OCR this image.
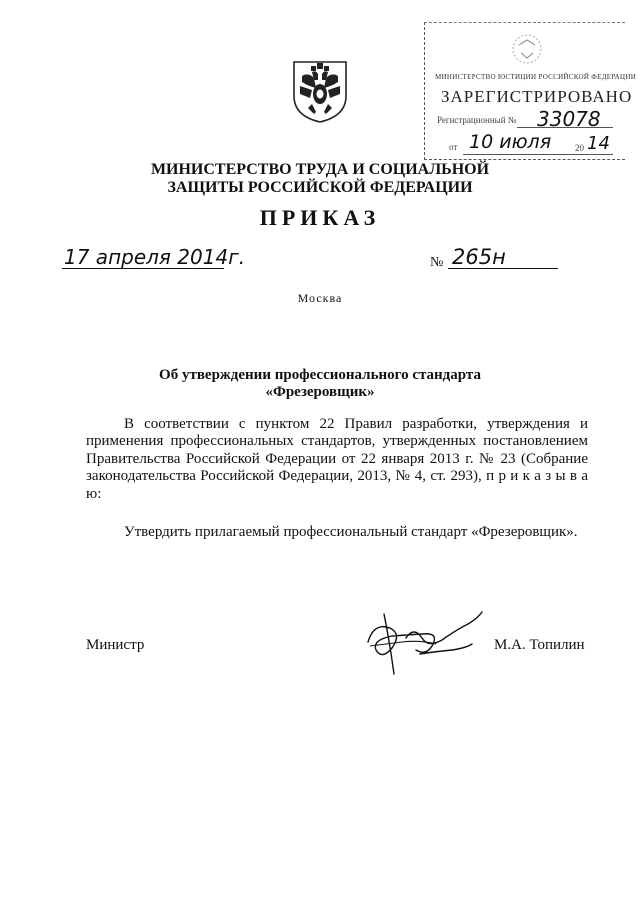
МИНИСТЕРСТВО ЮСТИЦИИ РОССИЙСКОЙ ФЕДЕРАЦИИ
ЗАРЕГИСТРИРОВАНО
Регистрационный № 33078
от 10 июля	20 14
МИНИСТЕРСТВО ТРУДА И СОЦИАЛЬНОЙ ЗАЩИТЫ РОССИЙСКОЙ ФЕДЕРАЦИИ
ПРИКАЗ
17 апреля 2014г.	№ 265н
Москва
Об утверждении профессионального стандарта
«Фрезеровщик»
В соответствии с пунктом 22 Правил разработки, утверждения и применения профессиональных стандартов, утвержденных постановлением Правительства Российской Федерации от 22 января 2013 г. № 23 (Собрание законодательства Российской Федерации, 2013, № 4, ст. 293), п р и к а з ы в а ю:
Утвердить прилагаемый профессиональный стандарт «Фрезеровщик».
Министр	М.А. Топилин
